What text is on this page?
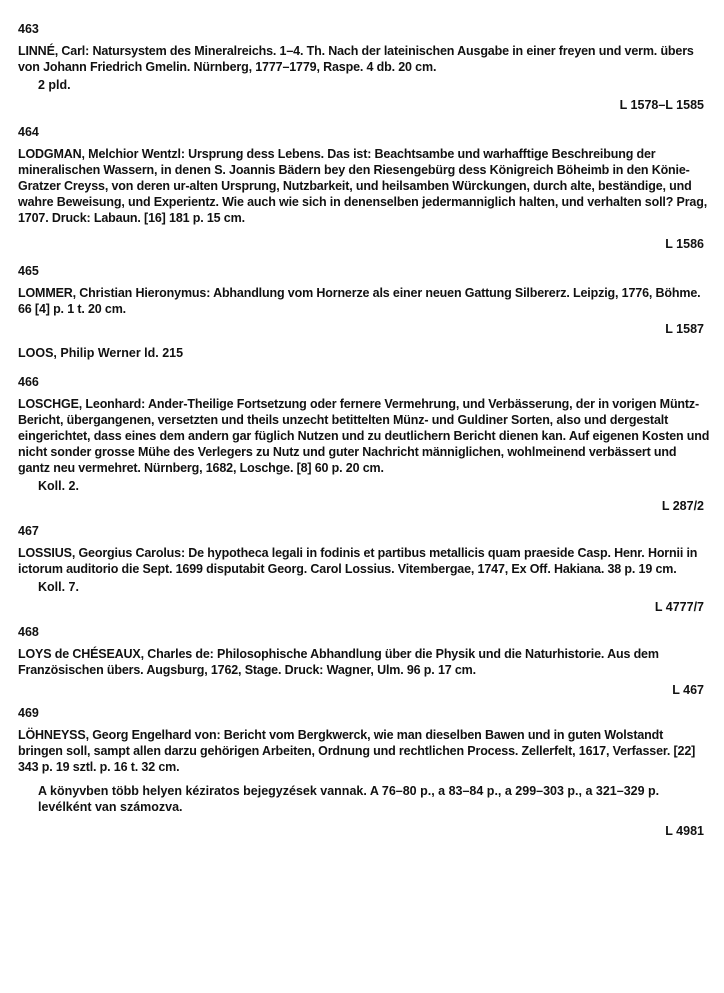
463

LINNÉ, Carl: Natursystem des Mineralreichs. 1–4. Th. Nach der lateinischen Ausgabe in einer freyen und verm. übers von Johann Friedrich Gmelin. Nürnberg, 1777–1779, Raspe. 4 db. 20 cm.

2 pld.
L 1578–L 1585
464

LODGMAN, Melchior Wentzl: Ursprung dess Lebens. Das ist: Beachtsambe und warhafftige Beschreibung der mineralischen Wassern, in denen S. Joannis Bädern bey den Riesengebürg dess Königreich Böheimb in den Könie-Gratzer Creyss, von deren ur-alten Ursprung, Nutzbarkeit, und heilsamben Würckungen, durch alte, beständige, und wahre Beweisung, und Experientz. Wie auch wie sich in denenselben jedermanniglich halten, und verhalten soll? Prag, 1707. Druck: Labaun. [16] 181 p. 15 cm.

L 1586
465

LOMMER, Christian Hieronymus: Abhandlung vom Hornerze als einer neuen Gattung Silbererz. Leipzig, 1776, Böhme. 66 [4] p. 1 t. 20 cm.

L 1587
LOOS, Philip Werner ld. 215
466

LOSCHGE, Leonhard: Ander-Theilige Fortsetzung oder fernere Vermehrung, und Verbässerung, der in vorigen Müntz-Bericht, übergangenen, versetzten und theils unzecht betittelten Münz- und Guldiner Sorten, also und dergestalt eingerichtet, dass eines dem andern gar füglich Nutzen und zu deutlichern Bericht dienen kan. Auf eigenen Kosten und nicht sonder grosse Mühe des Verlegers zu Nutz und guter Nachricht männiglichen, wohlmeinend verbässert und gantz neu vermehret. Nürnberg, 1682, Loschge. [8] 60 p. 20 cm.

Koll. 2.
L 287/2
467

LOSSIUS, Georgius Carolus: De hypotheca legali in fodinis et partibus metallicis quam praeside Casp. Henr. Hornii in ictorum auditorio die Sept. 1699 disputabit Georg. Carol Lossius. Vitembergae, 1747, Ex Off. Hakiana. 38 p. 19 cm.

Koll. 7.
L 4777/7
468

LOYS de CHÉSEAUX, Charles de: Philosophische Abhandlung über die Physik und die Naturhistorie. Aus dem Französischen übers. Augsburg, 1762, Stage. Druck: Wagner, Ulm. 96 p. 17 cm.

L 467
469

LÖHNEYSS, Georg Engelhard von: Bericht vom Bergkwerck, wie man dieselben Bawen und in guten Wolstandt bringen soll, sampt allen darzu gehörigen Arbeiten, Ordnung und rechtlichen Process. Zellerfelt, 1617, Verfasser. [22] 343 p. 19 sztl. p. 16 t. 32 cm.

A könyvben több helyen kéziratos bejegyzések vannak. A 76–80 p., a 83–84 p., a 299–303 p., a 321–329 p. levélként van számozva.
L 4981
